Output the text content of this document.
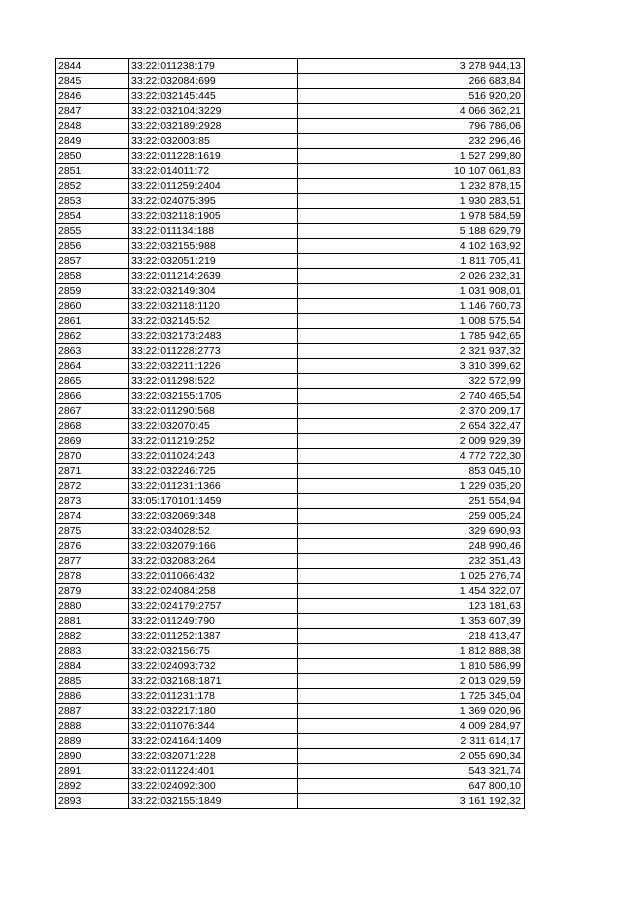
2844	33:22:011238:179	3 278 944,13
2845	33:22:032084:699	266 683,84
2846	33:22:032145:445	516 920,20
2847	33:22:032104:3229	4 066 362,21
2848	33:22:032189:2928	796 786,06
2849	33:22:032003:85	232 296,46
2850	33:22:011228:1619	1 527 299,80
2851	33:22:014011:72	10 107 061,83
2852	33:22:011259:2404	1 232 878,15
2853	33:22:024075:395	1 930 283,51
2854	33:22:032118:1905	1 978 584,59
2855	33:22:011134:188	5 188 629,79
2856	33:22:032155:988	4 102 163,92
2857	33:22:032051:219	1 811 705,41
2858	33:22:011214:2639	2 026 232,31
2859	33:22:032149:304	1 031 908,01
2860	33:22:032118:1120	1 146 760,73
2861	33:22:032145:52	1 008 575,54
2862	33:22:032173:2483	1 785 942,65
2863	33:22:011228:2773	2 321 937,32
2864	33:22:032211:1226	3 310 399,62
2865	33:22:011298:522	322 572,99
2866	33:22:032155:1705	2 740 465,54
2867	33:22:011290:568	2 370 209,17
2868	33:22:032070:45	2 654 322,47
2869	33:22:011219:252	2 009 929,39
2870	33:22:011024:243	4 772 722,30
2871	33:22:032246:725	853 045,10
2872	33:22:011231:1366	1 229 035,20
2873	33:05:170101:1459	251 554,94
2874	33:22:032069:348	259 005,24
2875	33:22:034028:52	329 690,93
2876	33:22:032079:166	248 990,46
2877	33:22:032083:264	232 351,43
2878	33:22:011066:432	1 025 276,74
2879	33:22:024084:258	1 454 322,07
2880	33:22:024179:2757	123 181,63
2881	33:22:011249:790	1 353 607,39
2882	33:22:011252:1387	218 413,47
2883	33:22:032156:75	1 812 888,38
2884	33:22:024093:732	1 810 586,99
2885	33:22:032168:1871	2 013 029,59
2886	33:22:011231:178	1 725 345,04
2887	33:22:032217:180	1 369 020,96
2888	33:22:011076:344	4 009 284,97
2889	33:22:024164:1409	2 311 614,17
2890	33:22:032071:228	2 055 690,34
2891	33:22:011224:401	543 321,74
2892	33:22:024092:300	647 800,10
2893	33:22:032155:1849	3 161 192,32
